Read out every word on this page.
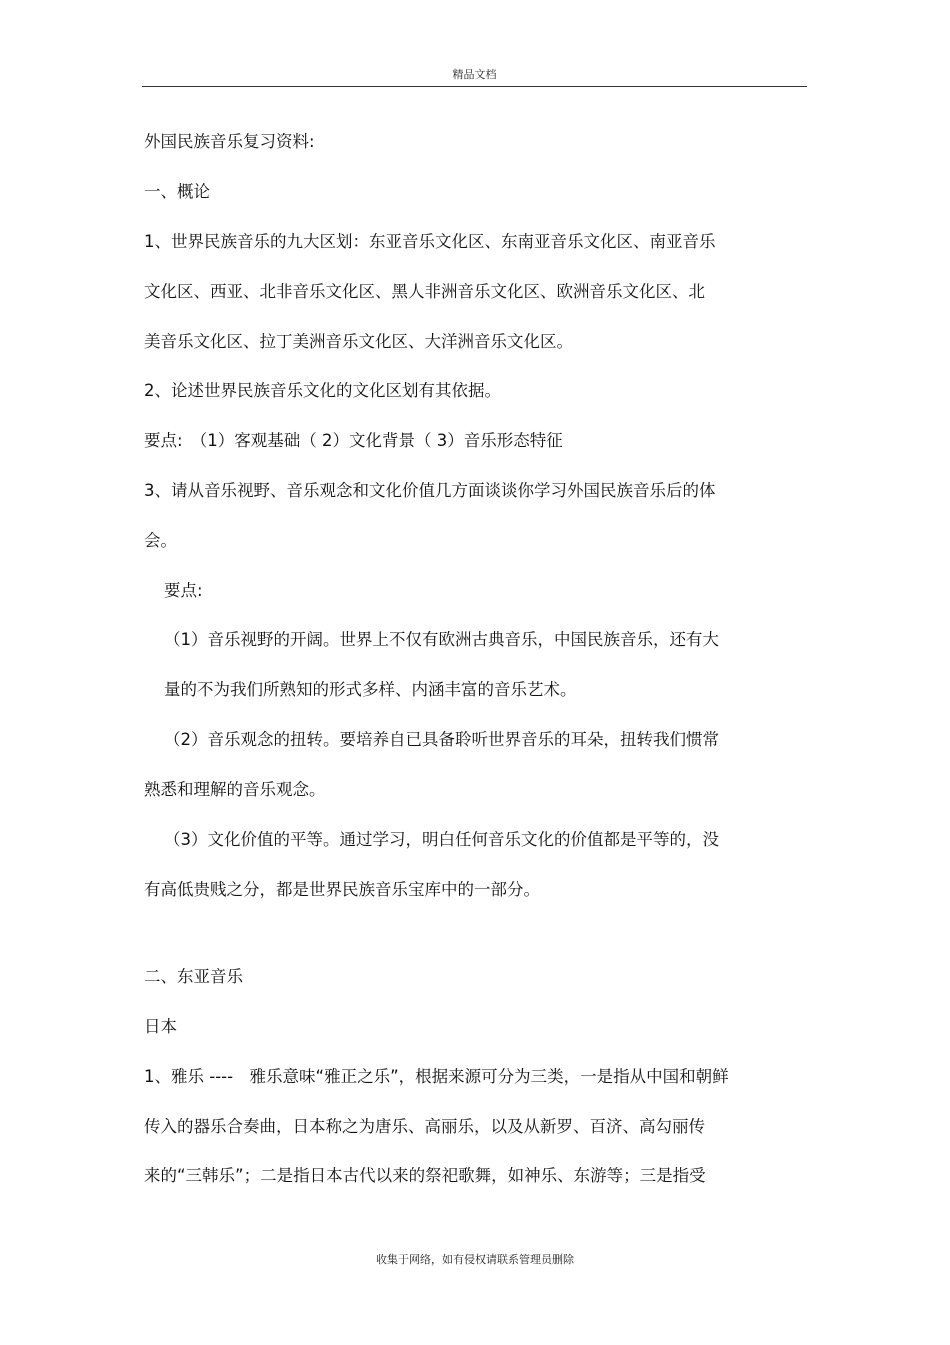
精品文档
外国民族音乐复习资料:
一、概论
1、世界民族音乐的九大区划：东亚音乐文化区、东南亚音乐文化区、南亚音乐
文化区、西亚、北非音乐文化区、黑人非洲音乐文化区、欧洲音乐文化区、北
美音乐文化区、拉丁美洲音乐文化区、大洋洲音乐文化区。
2、论述世界民族音乐文化的文化区划有其依据。
要点:　（1）客观基础（ 2）文化背景（ 3）音乐形态特征
3、请从音乐视野、音乐观念和文化价值几方面谈谈你学习外国民族音乐后的体
会。
要点:
（1）音乐视野的开阔。世界上不仅有欧洲古典音乐，中国民族音乐，还有大
量的不为我们所熟知的形式多样、内涵丰富的音乐艺术。
（2）音乐观念的扭转。要培养自已具备聆听世界音乐的耳朵，扭转我们惯常
熟悉和理解的音乐观念。
（3）文化价值的平等。通过学习，明白任何音乐文化的价值都是平等的，没
有高低贵贱之分，都是世界民族音乐宝库中的一部分。
二、东亚音乐
日本
1、雅乐 ----　雅乐意味“雅正之乐”，根据来源可分为三类，一是指从中国和朝鲜
传入的器乐合奏曲，日本称之为唐乐、高丽乐，以及从新罗、百济、高勾丽传
来的“三韩乐”；二是指日本古代以来的祭祀歌舞，如神乐、东游等；三是指受
收集于网络，如有侵权请联系管理员删除
